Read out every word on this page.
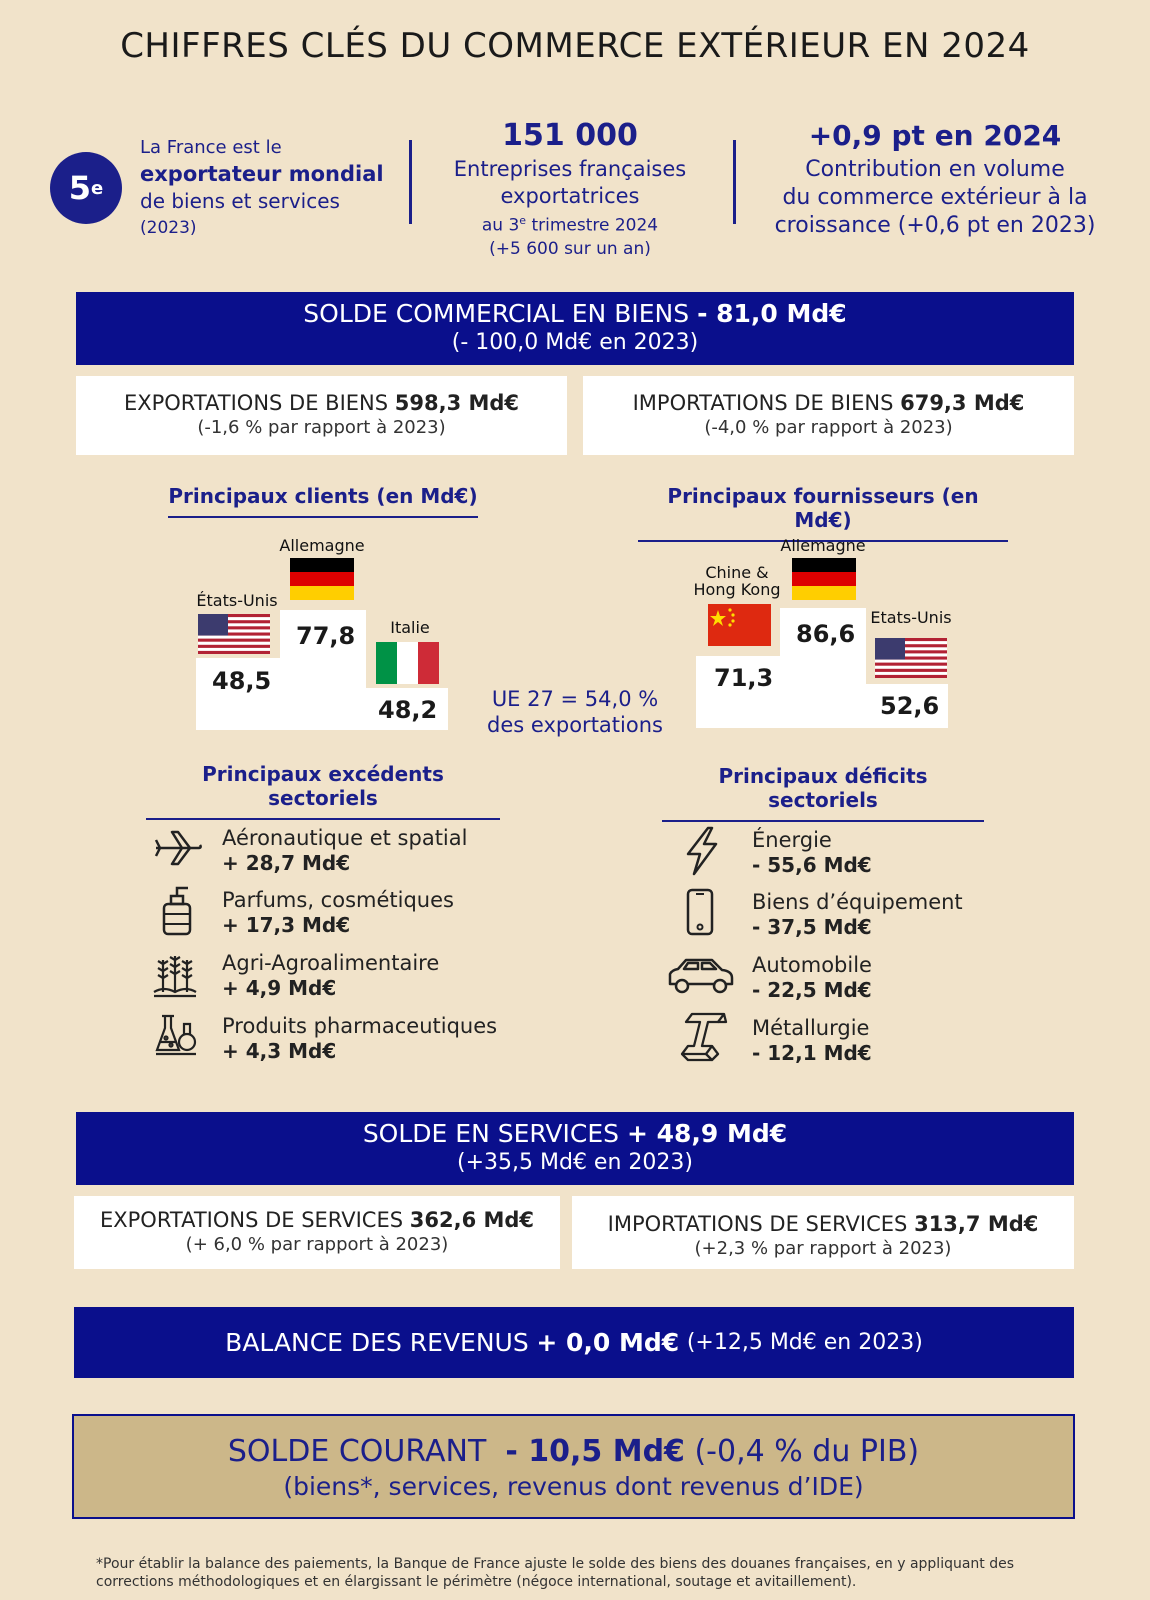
CHIFFRES CLÉS DU COMMERCE EXTÉRIEUR EN 2024
5 e
La France est le
exportateur mondial
de biens et services
(2023)
151 000
Entreprises françaises
exportatrices
au 3e trimestre 2024
(+5 600 sur un an)
+0,9 pt en 2024
Contribution en volume
du commerce extérieur à la
croissance (+0,6 pt en 2023)
SOLDE COMMERCIAL EN BIENS - 81,0 Md€
(- 100,0 Md€ en 2023)
EXPORTATIONS DE BIENS 598,3 Md€
(-1,6 % par rapport à 2023)
IMPORTATIONS DE BIENS 679,3 Md€
(-4,0 % par rapport à 2023)
Principaux clients (en Md€)
Allemagne
États-Unis
Italie
77,8
48,5
48,2	UE 27 = 54,0 %
des exportations
Principaux fournisseurs (en Md€)
Allemagne
Chine &
Hong Kong
Etats-Unis
86,6
71,3
52,6
Principaux excédents sectoriels
Aéronautique et spatial
+ 28,7 Md€
Parfums, cosmétiques
+ 17,3 Md€
Agri-Agroalimentaire
+ 4,9 Md€
Produits pharmaceutiques
+ 4,3 Md€
Principaux déficits sectoriels
Énergie
- 55,6 Md€
Biens d’équipement
- 37,5 Md€
Automobile
- 22,5 Md€
Métallurgie
- 12,1 Md€
SOLDE EN SERVICES + 48,9 Md€
(+35,5 Md€ en 2023)
EXPORTATIONS DE SERVICES 362,6 Md€
(+ 6,0 % par rapport à 2023)
IMPORTATIONS DE SERVICES 313,7 Md€
(+2,3 % par rapport à 2023)
BALANCE DES REVENUS
+ 0,0 Md€
(+12,5 Md€ en 2023)
SOLDE COURANT - 10,5 Md€ (-0,4 % du PIB)
(biens*, services, revenus dont revenus d’IDE)
*Pour établir la balance des paiements, la Banque de France ajuste le solde des biens des douanes françaises, en y appliquant des
corrections méthodologiques et en élargissant le périmètre (négoce international, soutage et avitaillement).
